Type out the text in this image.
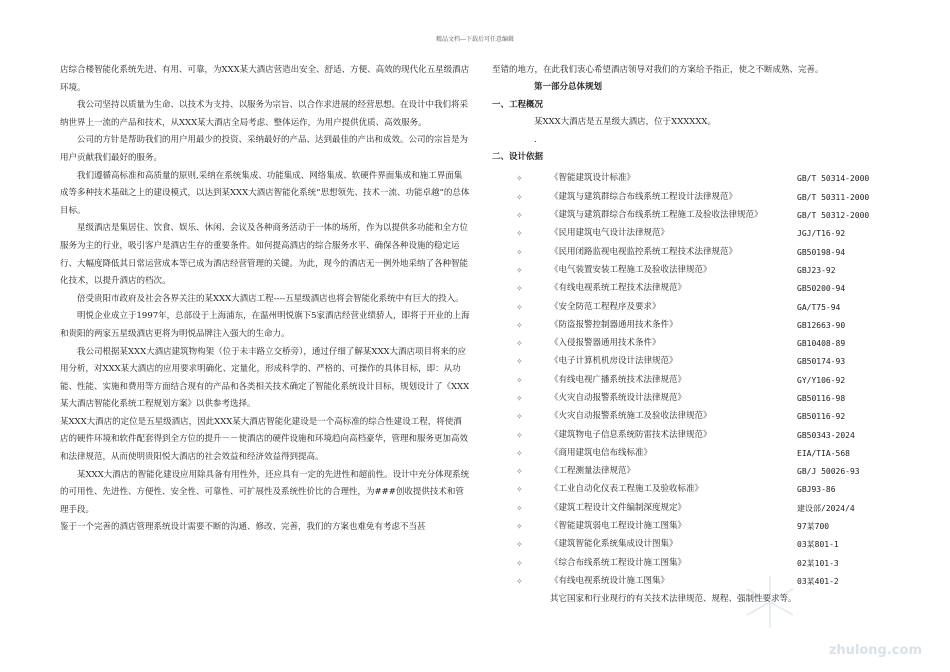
精品文档---下载后可任意编辑

店综合楼智能化系统先进、有用、可靠，为XXX某大酒店营造出安全、舒适、方便、高效的现代化五星级酒店环境。

我公司坚持以质量为生命、以技术为支持、以服务为宗旨、以合作求进展的经营思想。在设计中我们将采纳世界上一流的产品和技术，从XXX某大酒店全局考虑、整体运作，为用户提供优质、高效服务。

公司的方针是帮助我们的用户用最少的投资、采纳最好的产品、达到最佳的产出和成效。公司的宗旨是为用户贡献我们最好的服务。

我们遵循高标准和高质量的原则,采纳在系统集成、功能集成、网络集成、软硬件界面集成和施工界面集成等多种技术基础之上的建设模式，以达到某XXX大酒店智能化系统“思想领先、技术一流、功能卓越”的总体目标。

星级酒店是集居住、饮食、娱乐、休闲、会议及各种商务活动于一体的场所，作为以提供多功能和全方位服务为主的行业，吸引客户是酒店生存的重要条件。如何提高酒店的综合服务水平、确保各种设施的稳定运行、大幅度降低其日常运营成本等已成为酒店经营管理的关键。为此，现今的酒店无一例外地采纳了各种智能化技术，以提升酒店的档次。

倍受贵阳市政府及社会各界关注的某XXX大酒店工程----五星级酒店也将会智能化系统中有巨大的投入。

明悦企业成立于1997年，总部设于上海浦东，在温州明悦旗下5家酒店经营业绩骄人，即将于开业的上海和贵阳的两家五星级酒店更将为明悦品牌注入强大的生命力。

我公司根据某XXX大酒店建筑物构架（位于未丰路立交桥旁），通过仔细了解某XXX大酒店项目将来的应用分析，对XXX某大酒店的应用要求明确化、定量化，形成科学的、严格的、可操作的具体目标，即：从功能、性能、实施和费用等方面结合现有的产品和各类相关技术确定了智能化系统设计目标，规划设计了《XXX某大酒店智能化系统工程规划方案》以供参考选择。

某XXX大酒店的定位是五星级酒店，因此XXX某大酒店智能化建设是一个高标准的综合性建设工程，将使酒店的硬件环境和软件配套得到全方位的提升－－使酒店的硬件设施和环境趋向高档豪华，管理和服务更加高效和法律规范，从而使明贵阳悦大酒店的社会效益和经济效益得到提高。

某XXX大酒店的智能化建设应用除具备有用性外，还应具有一定的先进性和超前性。设计中充分体现系统的可用性、先进性、方便性、安全性、可靠性、可扩展性及系统性价比的合理性，为###创收提供技术和管理手段。

鉴于一个完善的酒店管理系统设计需要不断的沟通、修改、完善，我们的方案也难免有考虑不当甚

至错的地方，在此我们衷心希望酒店领导对我们的方案给予指正，使之不断成熟、完善。
第一部分总体规划
一、工程概况
某XXX大酒店是五星级大酒店，位于XXXXXX。
.
二、设计依据
✧	《智能建筑设计标准》	GB/T 50314-2000
✧	《建筑与建筑群综合布线系统工程设计法律规范》	GB/T 50311-2000
✧	《建筑与建筑群综合布线系统工程施工及验收法律规范》	GB/T 50312-2000
✧	《民用建筑电气设计法律规范》	JGJ/T16-92
✧	《民用闭路监视电视监控系统工程技术法律规范》	GB50198-94
✧	《电气装置安装工程施工及验收法律规范》	GBJ23-92
✧	《有线电视系统工程技术法律规范》	GB50200-94
✧	《安全防范工程程序及要求》	GA/T75-94
✧	《防盗报警控制器通用技术条件》	GB12663-90
✧	《入侵报警器通用技术条件》	GB10408-89
✧	《电子计算机机房设计法律规范》	GB50174-93
✧	《有线电视广播系统技术法律规范》	GY/Y106-92
✧	《火灾自动报警系统设计法律规范》	GB50116-98
✧	《火灾自动报警系统施工及验收法律规范》	GB50116-92
✧	《建筑物电子信息系统防雷技术法律规范》	GB50343-2024
✧	《商用建筑电信布线标准》	EIA/TIA-568
✧	《工程测量法律规范》	GB/J 50026-93
✧	《工业自动化仪表工程施工及验收标准》	GBJ93-86
✧	《建筑工程设计文件编制深度规定》	建设部/2024/4
✧	《智能建筑弱电工程设计施工图集》	97某700
✧	《建筑智能化系统集成设计图集》	03某801-1
✧	《综合布线系统工程设计施工图集》	02某101-3
✧	《有线电视系统设计施工图集》	03某401-2
其它国家和行业现行的有关技术法律规范、规程、强制性要求等。
zhulong.com
